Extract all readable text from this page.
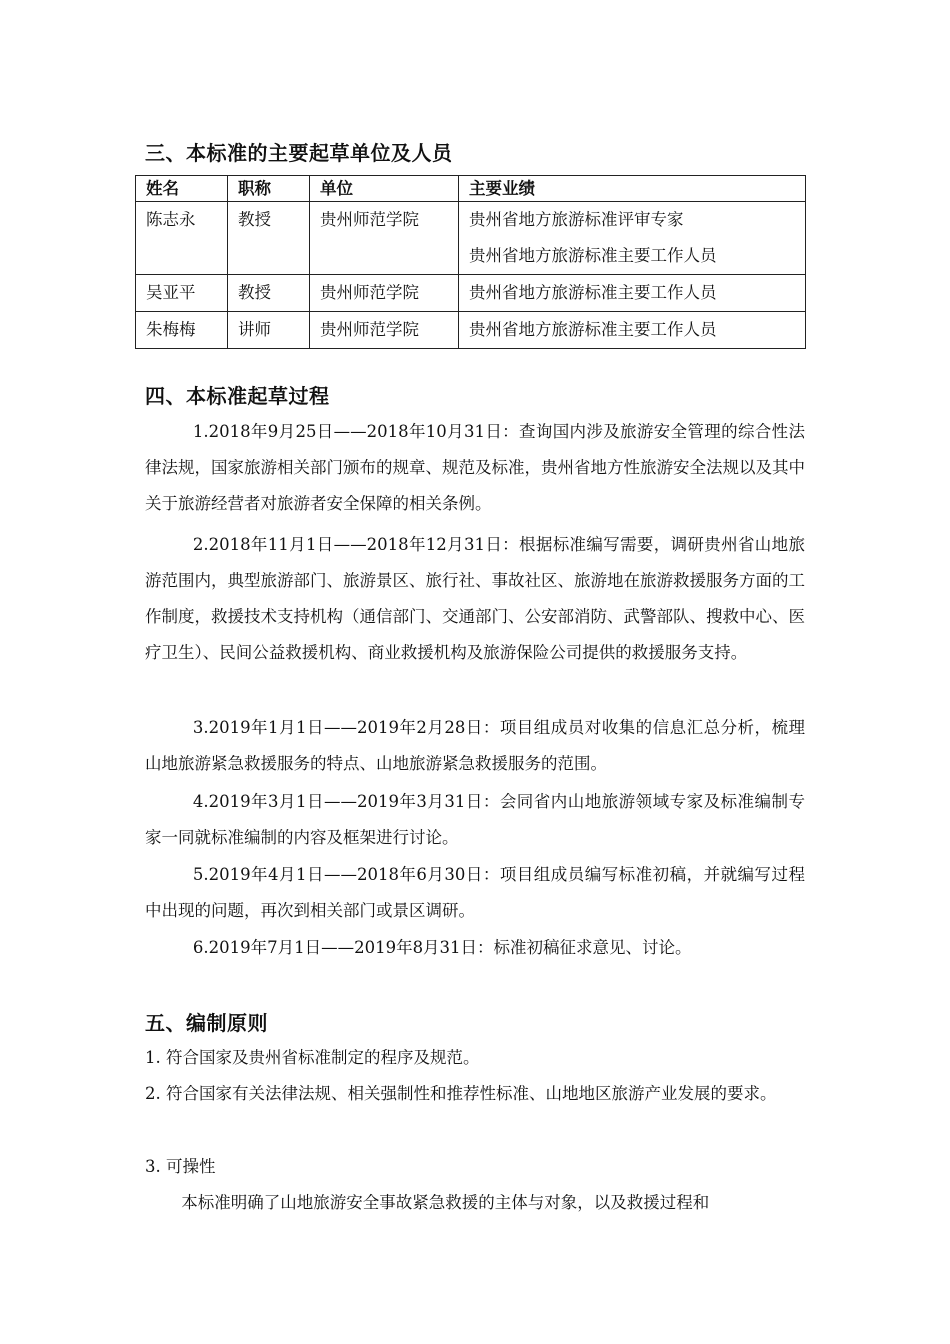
三、本标准的主要起草单位及人员
姓名	职称	单位	主要业绩
陈志永	教授	贵州师范学院	贵州省地方旅游标准评审专家
贵州省地方旅游标准主要工作人员

吴亚平	教授	贵州师范学院	贵州省地方旅游标准主要工作人员

朱梅梅	讲师	贵州师范学院	贵州省地方旅游标准主要工作人员
四、本标准起草过程

1.2018年9月25日——2018年10月31日：查询国内涉及旅游安全管理的综合性法律法规，国家旅游相关部门颁布的规章、规范及标准，贵州省地方性旅游安全法规以及其中关于旅游经营者对旅游者安全保障的相关条例。

2.2018年11月1日——2018年12月31日：根据标准编写需要，调研贵州省山地旅游范围内，典型旅游部门、旅游景区、旅行社、事故社区、旅游地在旅游救援服务方面的工作制度，救援技术支持机构（通信部门、交通部门、公安部消防、武警部队、搜救中心、医疗卫生）、民间公益救援机构、商业救援机构及旅游保险公司提供的救援服务支持。

3.2019年1月1日——2019年2月28日：项目组成员对收集的信息汇总分析，梳理山地旅游紧急救援服务的特点、山地旅游紧急救援服务的范围。

4.2019年3月1日——2019年3月31日：会同省内山地旅游领域专家及标准编制专家一同就标准编制的内容及框架进行讨论。

5.2019年4月1日——2018年6月30日：项目组成员编写标准初稿，并就编写过程中出现的问题，再次到相关部门或景区调研。

6.2019年7月1日——2019年8月31日：标准初稿征求意见、讨论。

五、编制原则

1. 符合国家及贵州省标准制定的程序及规范。

2. 符合国家有关法律法规、相关强制性和推荐性标准、山地地区旅游产业发展的要求。

3. 可操性

本标准明确了山地旅游安全事故紧急救援的主体与对象，以及救援过程和
